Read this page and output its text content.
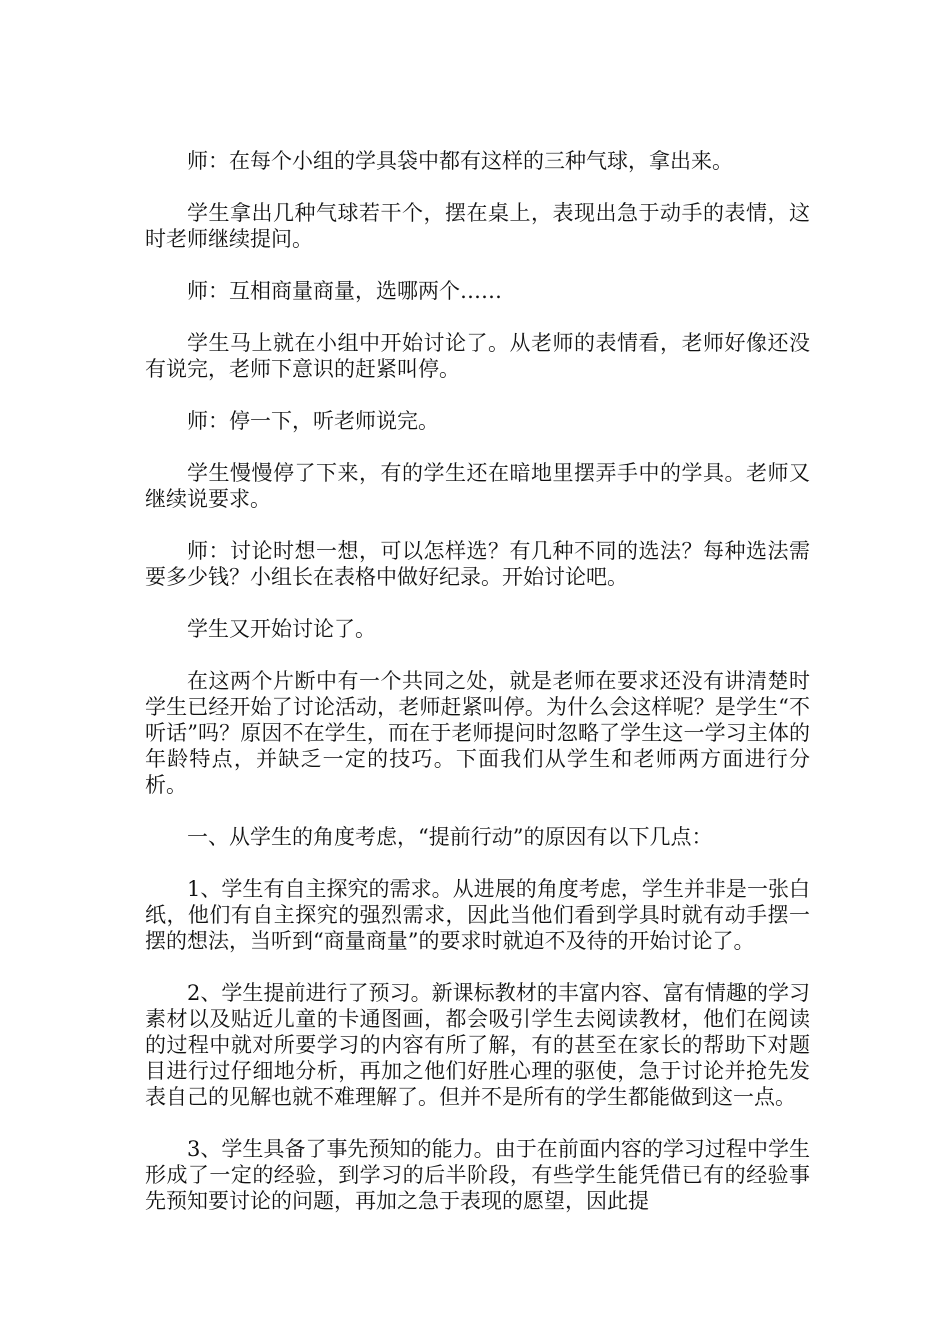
师：在每个小组的学具袋中都有这样的三种气球，拿出来。

学生拿出几种气球若干个，摆在桌上，表现出急于动手的表情，这时老师继续提问。

师：互相商量商量，选哪两个……

学生马上就在小组中开始讨论了。从老师的表情看，老师好像还没有说完，老师下意识的赶紧叫停。

师：停一下，听老师说完。

学生慢慢停了下来，有的学生还在暗地里摆弄手中的学具。老师又继续说要求。

师：讨论时想一想，可以怎样选？有几种不同的选法？每种选法需要多少钱？小组长在表格中做好纪录。开始讨论吧。

学生又开始讨论了。

在这两个片断中有一个共同之处，就是老师在要求还没有讲清楚时学生已经开始了讨论活动，老师赶紧叫停。为什么会这样呢？是学生“不听话”吗？原因不在学生，而在于老师提问时忽略了学生这一学习主体的年龄特点，并缺乏一定的技巧。下面我们从学生和老师两方面进行分析。

一、从学生的角度考虑，“提前行动”的原因有以下几点：

1、学生有自主探究的需求。从进展的角度考虑，学生并非是一张白纸，他们有自主探究的强烈需求，因此当他们看到学具时就有动手摆一摆的想法，当听到“商量商量”的要求时就迫不及待的开始讨论了。

2、学生提前进行了预习。新课标教材的丰富内容、富有情趣的学习素材以及贴近儿童的卡通图画，都会吸引学生去阅读教材，他们在阅读的过程中就对所要学习的内容有所了解，有的甚至在家长的帮助下对题目进行过仔细地分析，再加之他们好胜心理的驱使，急于讨论并抢先发表自己的见解也就不难理解了。但并不是所有的学生都能做到这一点。

3、学生具备了事先预知的能力。由于在前面内容的学习过程中学生形成了一定的经验，到学习的后半阶段，有些学生能凭借已有的经验事先预知要讨论的问题，再加之急于表现的愿望，因此提
